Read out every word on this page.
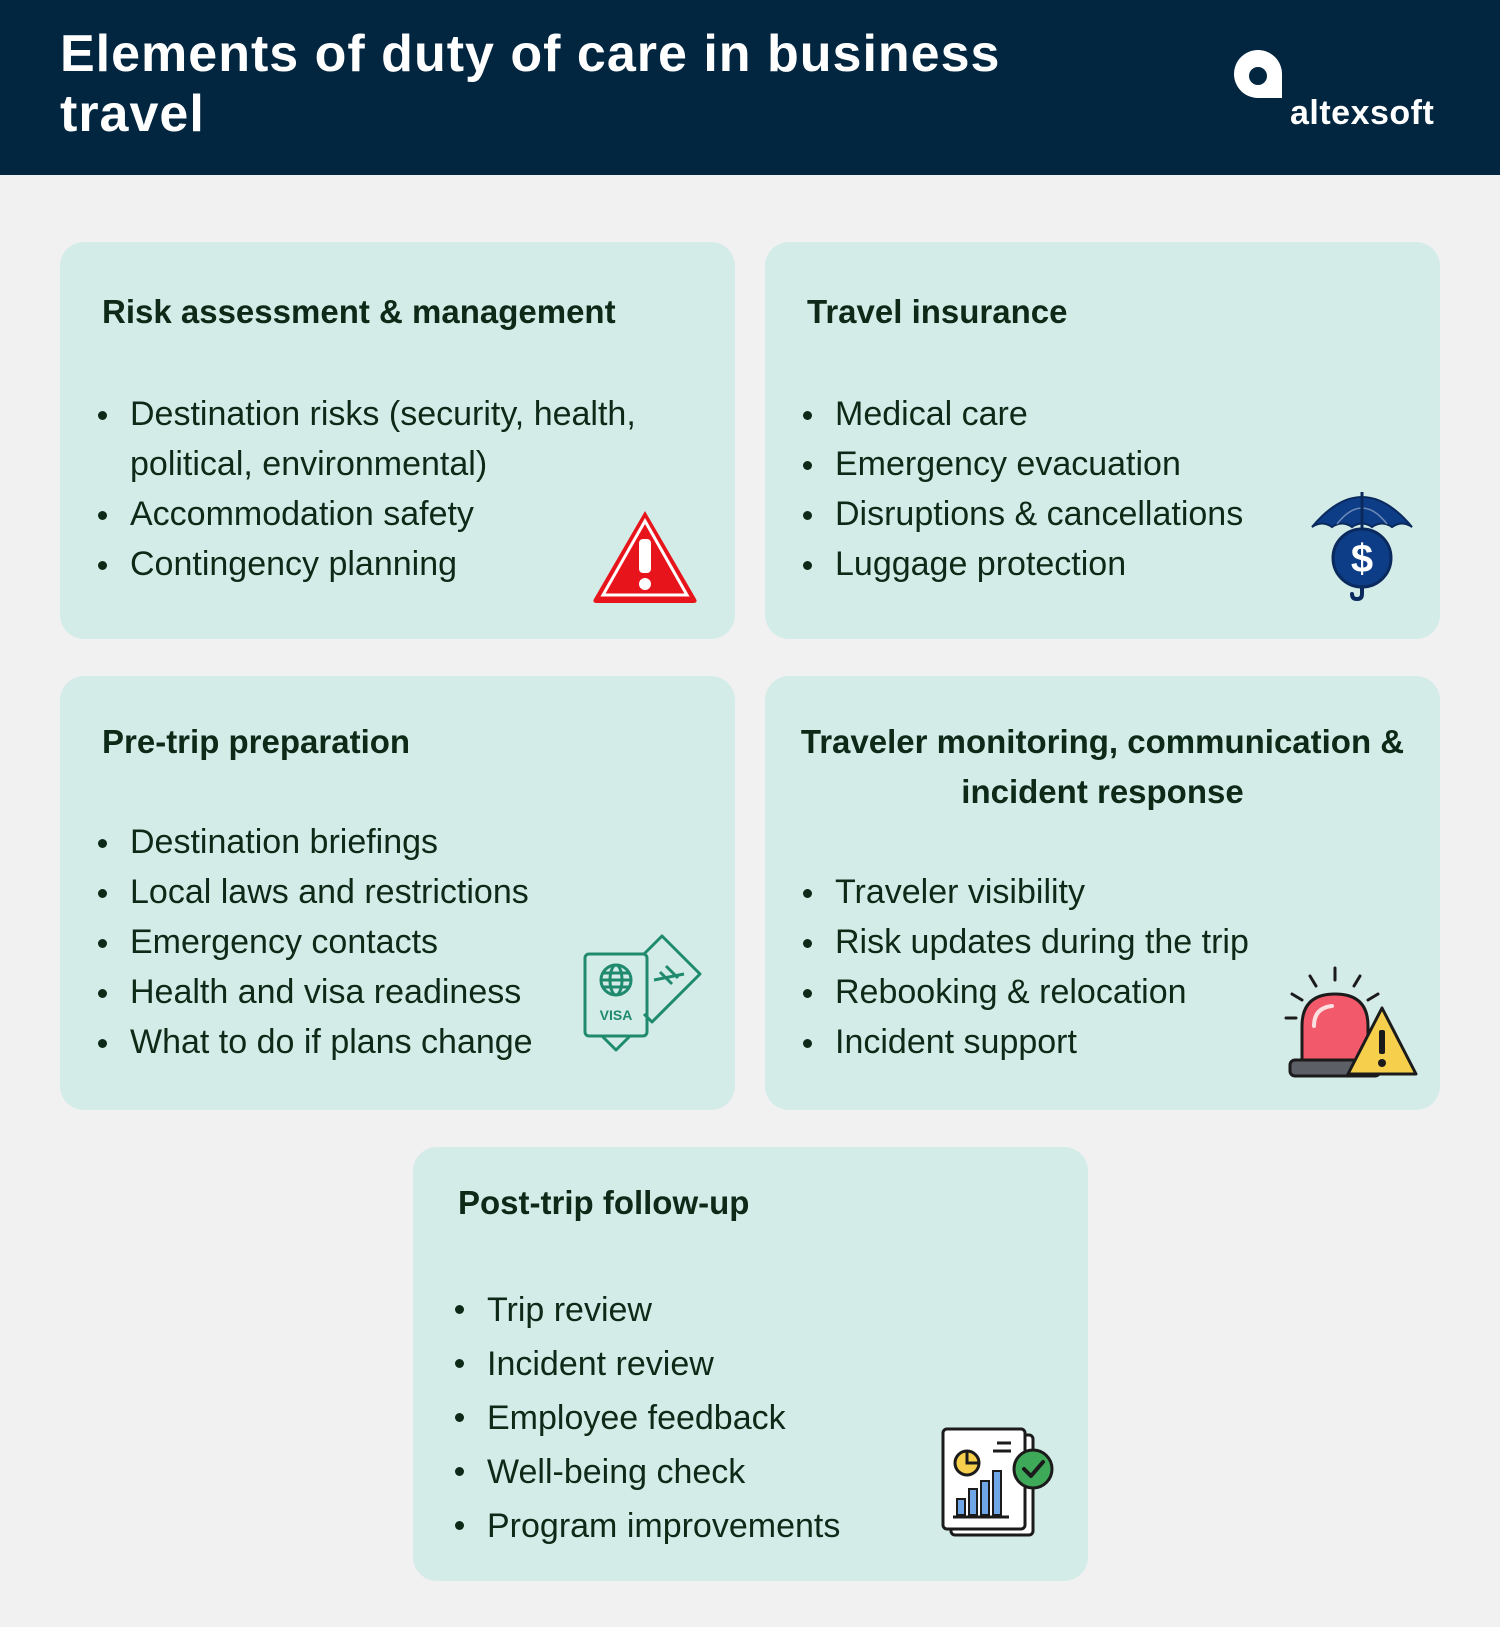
Elements of duty of care in business travel	altexsoft
Risk assessment & management
Destination risks (security, health, political, environmental)
Accommodation safety
Contingency planning
Travel insurance
Medical care
Emergency evacuation
Disruptions & cancellations
Luggage protection	$
Pre-trip preparation
Destination briefings
Local laws and restrictions
Emergency contacts
Health and visa readiness
What to do if plans change
VISA
Traveler monitoring, communication & incident response
Traveler visibility
Risk updates during the trip
Rebooking & relocation
Incident support
Post-trip follow-up
Trip review
Incident review
Employee feedback
Well-being check
Program improvements
